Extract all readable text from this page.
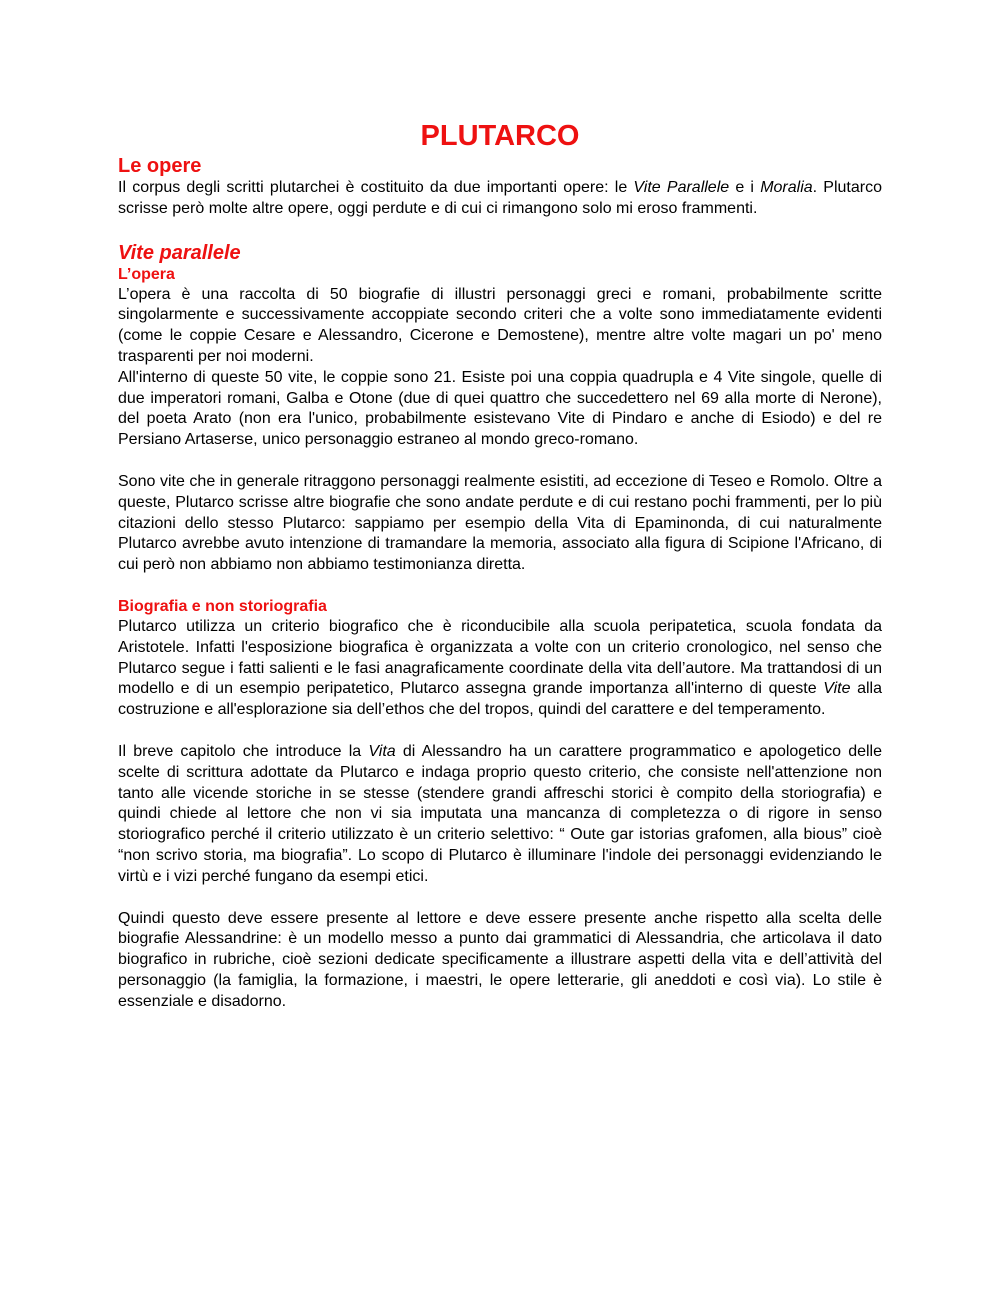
PLUTARCO
Le opere

Il corpus degli scritti plutarchei è costituito da due importanti opere: le Vite Parallele e i Moralia. Plutarco scrisse però molte altre opere, oggi perdute e di cui ci rimangono solo mi eroso frammenti.

Vite parallele
L’opera

L’opera è una raccolta di 50 biografie di illustri personaggi greci e romani, probabilmente scritte singolarmente e successivamente accoppiate secondo criteri che a volte sono immediatamente evidenti (come le coppie Cesare e Alessandro, Cicerone e Demostene), mentre altre volte magari un po' meno trasparenti per noi moderni.

All'interno di queste 50 vite, le coppie sono 21. Esiste poi una coppia quadrupla e 4 Vite singole, quelle di due imperatori romani, Galba e Otone (due di quei quattro che succedettero nel 69 alla morte di Nerone), del poeta Arato (non era l'unico, probabilmente esistevano Vite di Pindaro e anche di Esiodo) e del re Persiano Artaserse, unico personaggio estraneo al mondo greco-romano.

Sono vite che in generale ritraggono personaggi realmente esistiti, ad eccezione di Teseo e Romolo. Oltre a queste, Plutarco scrisse altre biografie che sono andate perdute e di cui restano pochi frammenti, per lo più citazioni dello stesso Plutarco: sappiamo per esempio della Vita di Epaminonda, di cui naturalmente Plutarco avrebbe avuto intenzione di tramandare la memoria, associato alla figura di Scipione l'Africano, di cui però non abbiamo non abbiamo testimonianza diretta.

Biografia e non storiografia

Plutarco utilizza un criterio biografico che è riconducibile alla scuola peripatetica, scuola fondata da Aristotele. Infatti l'esposizione biografica è organizzata a volte con un criterio cronologico, nel senso che Plutarco segue i fatti salienti e le fasi anagraficamente coordinate della vita dell’autore. Ma trattandosi di un modello e di un esempio peripatetico, Plutarco assegna grande importanza all'interno di queste Vite alla costruzione e all'esplorazione sia dell’ethos che del tropos, quindi del carattere e del temperamento.

Il breve capitolo che introduce la Vita di Alessandro ha un carattere programmatico e apologetico delle scelte di scrittura adottate da Plutarco e indaga proprio questo criterio, che consiste nell'attenzione non tanto alle vicende storiche in se stesse (stendere grandi affreschi storici è compito della storiografia) e quindi chiede al lettore che non vi sia imputata una mancanza di completezza o di rigore in senso storiografico perché il criterio utilizzato è un criterio selettivo: “ Oute gar istorias grafomen, alla bious” cioè “non scrivo storia, ma biografia”. Lo scopo di Plutarco è illuminare l'indole dei personaggi evidenziando le virtù e i vizi perché fungano da esempi etici.

Quindi questo deve essere presente al lettore e deve essere presente anche rispetto alla scelta delle biografie Alessandrine: è un modello messo a punto dai grammatici di Alessandria, che articolava il dato biografico in rubriche, cioè sezioni dedicate specificamente a illustrare aspetti della vita e dell’attività del personaggio (la famiglia, la formazione, i maestri, le opere letterarie, gli aneddoti e così via). Lo stile è essenziale e disadorno.
